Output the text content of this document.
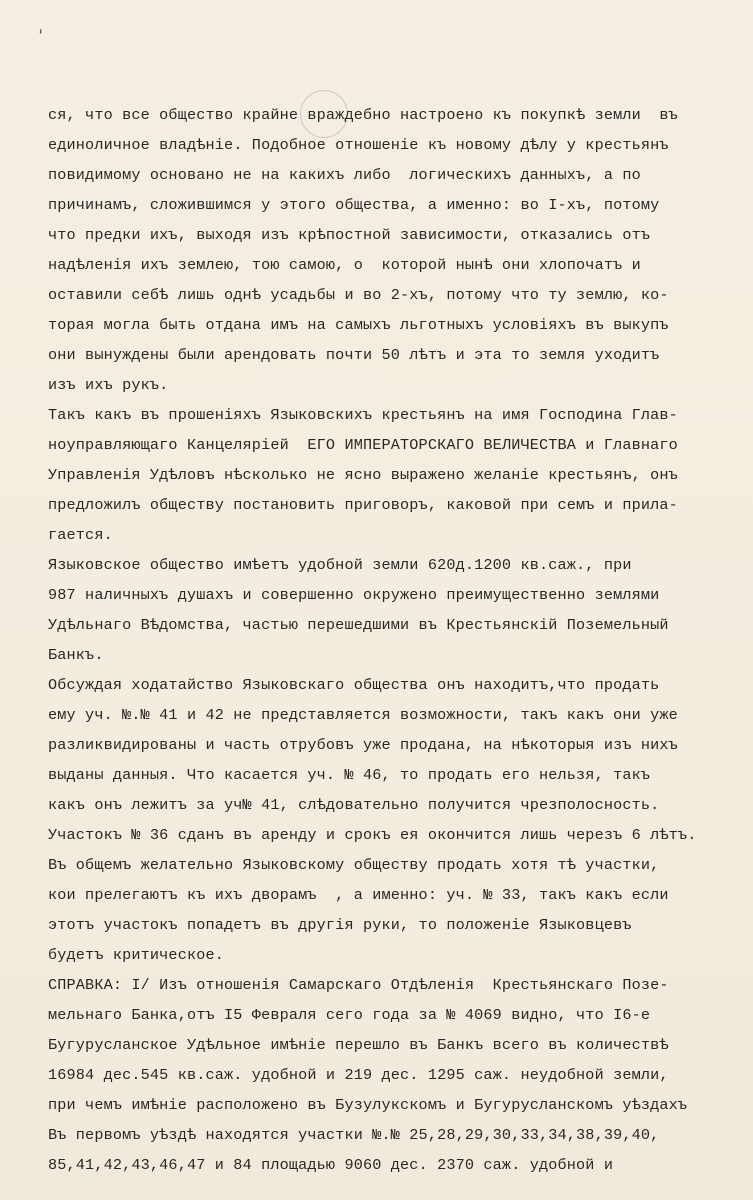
‘
ся, что все общество крайне враждебно настроено къ покупкѣ земли  въ
единоличное владѣніе. Подобное отношеніе къ новому дѣлу у крестьянъ
повидимому основано не на какихъ либо  логическихъ данныхъ, а по
причинамъ, сложившимся у этого общества, а именно: во I-хъ, потому
что предки ихъ, выходя изъ крѣпостной зависимости, отказались отъ
надѣленія ихъ землею, тою самою, о  которой нынѣ они хлопочатъ и
оставили себѣ лишь однѣ усадьбы и во 2-хъ, потому что ту землю, ко-
торая могла быть отдана имъ на самыхъ льготныхъ условіяхъ въ выкупъ
они вынуждены были арендовать почти 50 лѣтъ и эта то земля уходитъ
изъ ихъ рукъ.
Такъ какъ въ прошеніяхъ Языковскихъ крестьянъ на имя Господина Глав-
ноуправляющаго Канцеляріей  ЕГО ИМПЕРАТОРСКАГО ВЕЛИЧЕСТВА и Главнаго
Управленія Удѣловъ нѣсколько не ясно выражено желаніе крестьянъ, онъ
предложилъ обществу постановить приговоръ, каковой при семъ и прила-
гается.
Языковское общество имѣетъ удобной земли 620д.1200 кв.саж., при
987 наличныхъ душахъ и совершенно окружено преимущественно землями
Удѣльнаго Вѣдомства, частью перешедшими въ Крестьянскій Поземельный
Банкъ.
Обсуждая ходатайство Языковскаго общества онъ находитъ,что продать
ему уч. №.№ 41 и 42 не представляется возможности, такъ какъ они уже
разликвидированы и часть отрубовъ уже продана, на нѣкоторыя изъ нихъ
выданы данныя. Что касается уч. № 46, то продать его нельзя, такъ
какъ онъ лежитъ за уч№ 41, слѣдовательно получится чрезполосность.
Участокъ № 36 сданъ въ аренду и срокъ ея окончится лишь черезъ 6 лѣтъ.
Въ общемъ желательно Языковскому обществу продать хотя тѣ участки,
кои прелегаютъ къ ихъ дворамъ  , а именно: уч. № 33, такъ какъ если
этотъ участокъ попадетъ въ другія руки, то положеніе Языковцевъ
будетъ критическое.
СПРАВКА: I/ Изъ отношенія Самарскаго Отдѣленія  Крестьянскаго Позе-
мельнаго Банка,отъ I5 Февраля сего года за № 4069 видно, что I6-е
Бугурусланское Удѣльное имѣніе перешло въ Банкъ всего въ количествѣ
16984 дес.545 кв.саж. удобной и 219 дес. 1295 саж. неудобной земли,
при чемъ имѣніе расположено въ Бузулукскомъ и Бугурусланскомъ уѣздахъ
Въ первомъ уѣздѣ находятся участки №.№ 25,28,29,30,33,34,38,39,40,
85,41,42,43,46,47 и 84 площадью 9060 дес. 2370 саж. удобной и
